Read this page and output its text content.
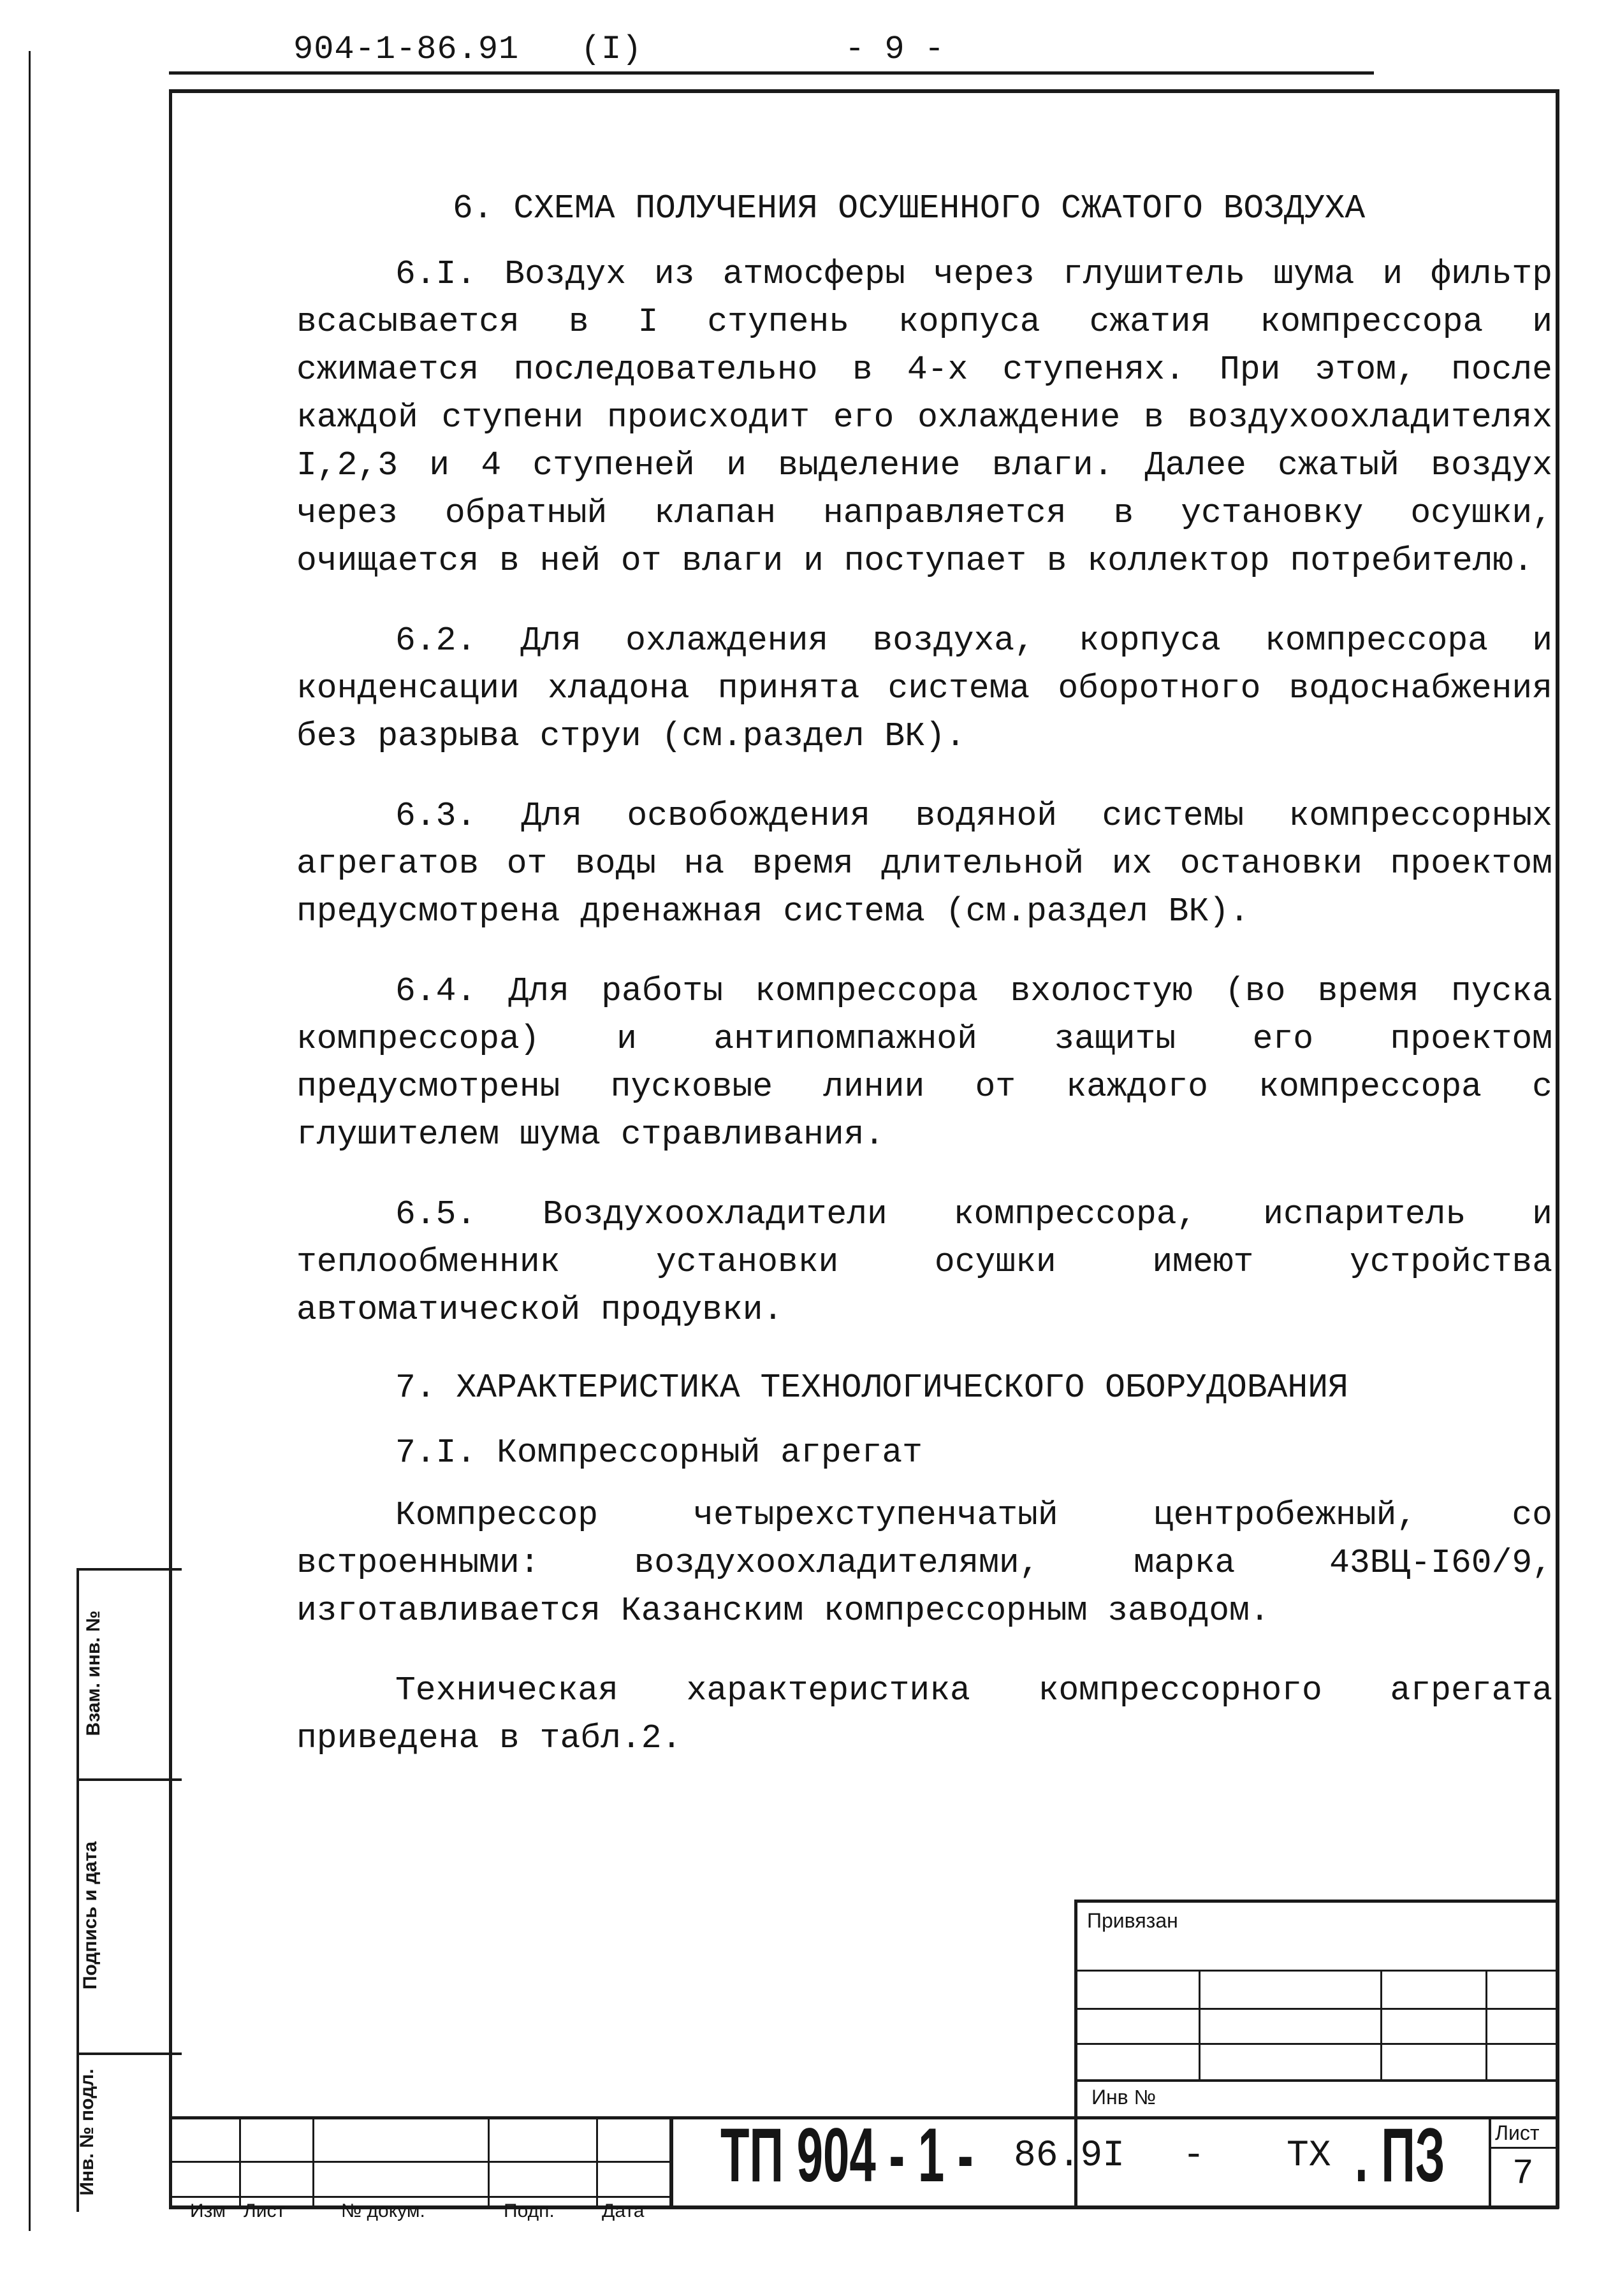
904-1-86.91   (I)	- 9 -
6. СХЕМА ПОЛУЧЕНИЯ ОСУШЕННОГО СЖАТОГО ВОЗДУХА

6.I. Воздух из атмосферы через глушитель шума и фильтр всасывается в I ступень корпуса сжатия компрессора и сжимается последовательно в 4-х ступенях. При этом, после каждой ступени происходит его охлаждение в воздухоохладителях I,2,3 и 4 ступеней и выделение влаги. Далее сжатый воздух через обратный клапан направляется в установку осушки, очищается в ней от влаги и поступает в коллектор потребителю.

6.2. Для охлаждения воздуха, корпуса компрессора и конденсации хладона принята система оборотного водоснабжения без разрыва струи (см.раздел ВК).

6.3. Для освобождения водяной системы компрессорных агрегатов от воды на время длительной их остановки проектом предусмотрена дренажная система (см.раздел ВК).

6.4. Для работы компрессора вхолостую (во время пуска компрессора) и антипомпажной защиты его проектом предусмотрены пусковые линии от каждого компрессора с глушителем шума стравливания.

6.5. Воздухоохладители компрессора, испаритель и теплообменник установки осушки имеют устройства автоматической продувки.

7. ХАРАКТЕРИСТИКА ТЕХНОЛОГИЧЕСКОГО ОБОРУДОВАНИЯ
7.I. Компрессорный агрегат

Компрессор четырехступенчатый центробежный, со встроенными: воздухоохладителями, марка 43ВЦ-I60/9, изготавливается Казанским компрессорным заводом.

Техническая характеристика компрессорного агрегата приведена в табл.2.

Взам. инв. №
Подпись и дата
Инв. № подл.
Привязан
Инв №
Изм Лист	№ докум.	Подп. Дата
ТП 904 - 1 - 86.9I - ТХ . ПЗ Лист
7
